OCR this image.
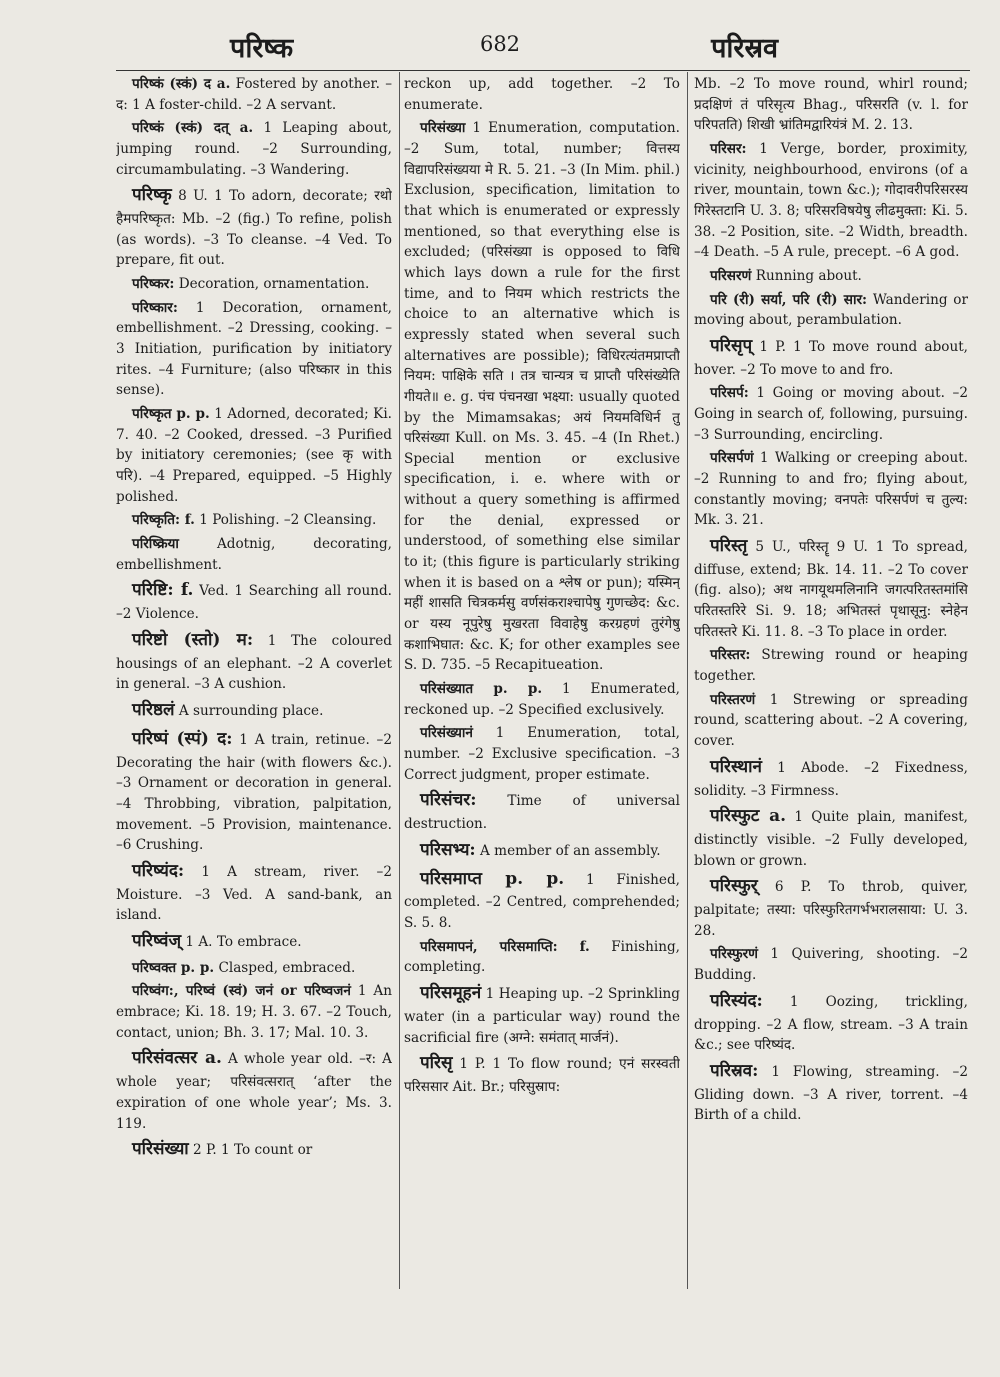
परिष्क	682	परिस्रव

परिष्कं (स्कं) द a. Fostered by another. –द: 1 A foster-child. –2 A servant.

परिष्कं (स्कं) दत् a. 1 Leaping about, jumping round. –2 Surrounding, circumambulating. –3 Wandering.

परिष्कृ 8 U. 1 To adorn, decorate; रथो हैमपरिष्कृत: Mb. –2 (fig.) To refine, polish (as words). –3 To cleanse. –4 Ved. To prepare, fit out.

परिष्कर: Decoration, ornamentation.

परिष्कार: 1 Decoration, ornament, embellishment. –2 Dressing, cooking. –3 Initiation, purification by initiatory rites. –4 Furniture; (also परिष्कार in this sense).

परिष्कृत p. p. 1 Adorned, decorated; Ki. 7. 40. –2 Cooked, dressed. –3 Purified by initiatory ceremonies; (see कृ with परि). –4 Prepared, equipped. –5 Highly polished.

परिष्कृति: f. 1 Polishing. –2 Cleansing.

परिष्क्रिया	Adotnig, decorating, embellishment.

परिष्टि: f. Ved. 1 Searching all round. –2 Violence.

परिष्टो (स्तो) म: 1 The coloured housings of an elephant. –2 A coverlet in general. –3 A cushion.

परिष्ठलं A surrounding place.

परिष्पं (स्पं) द: 1 A train, retinue. –2 Decorating the hair (with flowers &c.). –3 Ornament or decoration in general. –4 Throbbing, vibration, palpitation, movement. –5 Provision, maintenance. –6 Crushing.

परिष्यंद: 1 A stream, river. –2 Moisture. –3 Ved. A sand-bank, an island.

परिष्वंज् 1 A. To embrace.

परिष्वक्त p. p. Clasped, embraced.

परिष्वंग:, परिष्वं (स्वं) जनं or परिष्वजनं 1 An embrace; Ki. 18. 19; H. 3. 67. –2 Touch, contact, union; Bh. 3. 17; Mal. 10. 3.

परिसंवत्सर a. A whole year old. –र: A whole year; परिसंवत्सरात् ‘after the expiration of one whole year’; Ms. 3. 119.

परिसंख्या 2 P. 1 To count or

reckon up, add together. –2 To enumerate.

परिसंख्या 1 Enumeration, computation. –2 Sum, total, number; वित्तस्य विद्यापरिसंख्यया मे R. 5. 21. –3 (In Mim. phil.) Exclusion, specification, limitation to that which is enumerated or expressly mentioned, so that everything else is excluded; (परिसंख्या is opposed to विधि which lays down a rule for the first time, and to नियम which restricts the choice to an alternative which is expressly stated when several such alternatives are possible); विधिरत्यंतमप्राप्तौ नियम: पाक्षिके सति । तत्र चान्यत्र च प्राप्तौ परिसंख्येति गीयते॥ e. g. पंच पंचनखा भक्ष्या: usually quoted by the Mimamsakas; अयं नियमविधिर्न तु परिसंख्या Kull. on Ms. 3. 45. –4 (In Rhet.) Special mention or exclusive specification, i. e. where with or without a query something is affirmed for the denial, expressed or understood, of something else similar to it; (this figure is particularly striking when it is based on a श्लेष or pun); यस्मिन् महीं शासति चित्रकर्मसु वर्णसंकराश्चापेषु गुणच्छेद: &c. or यस्य नूपुरेषु मुखरता विवाहेषु करग्रहणं तुरंगेषु कशाभिघात: &c. K; for other examples see S. D. 735. –5 Recapitueation.

परिसंख्यात p. p. 1 Enumerated, reckoned up. –2 Specified exclusively.

परिसंख्यानं 1 Enumeration, total, number. –2 Exclusive specification. –3 Correct judgment, proper estimate.

परिसंचर: Time of universal destruction.

परिसभ्य: A member of an assembly.

परिसमाप्त p. p. 1 Finished, completed. –2 Centred, comprehended; S. 5. 8.

परिसमापनं, परिसमाप्ति: f. Finishing, completing.

परिसमूहनं 1 Heaping up. –2 Sprinkling water (in a particular way) round the sacrificial fire (अग्ने: समंतात् मार्जनं).

परिसृ 1 P. 1 To flow round; एनं सरस्वती परिससार Ait. Br.; परिसुस्राप:

Mb. –2 To move round, whirl round; प्रदक्षिणं तं परिसृत्य Bhag., परिसरति (v. l. for परिपतति) शिखी भ्रांतिमद्वारियंत्रं M. 2. 13.

परिसर: 1 Verge, border, proximity, vicinity, neighbourhood, environs (of a river, mountain, town &c.); गोदावरीपरिसरस्य गिरेस्तटानि U. 3. 8; परिसरविषयेषु लीढमुक्ता: Ki. 5. 38. –2 Position, site. –2 Width, breadth. –4 Death. –5 A rule, precept. –6 A god.

परिसरणं Running about.

परि (री) सर्या, परि (री) सार: Wandering or moving about, perambulation.

परिसृप् 1 P. 1 To move round about, hover. –2 To move to and fro.

परिसर्प: 1 Going or moving about. –2 Going in search of, following, pursuing. –3 Surrounding, encircling.

परिसर्पणं 1 Walking or creeping about. –2 Running to and fro; flying about, constantly moving; वनपतेः परिसर्पणं च तुल्य: Mk. 3. 21.

परिस्तृ 5 U., परिस्तॄ 9 U. 1 To spread, diffuse, extend; Bk. 14. 11. –2 To cover (fig. also); अथ नागयूथमलिनानि जगत्परितस्तमांसि परितस्तरिरे Si. 9. 18; अभितस्तं पृथासूनु: स्नेहेन परितस्तरे Ki. 11. 8. –3 To place in order.

परिस्तर: Strewing round or heaping together.

परिस्तरणं 1 Strewing or spreading round, scattering about. –2 A covering, cover.

परिस्थानं 1 Abode. –2 Fixedness, solidity. –3 Firmness.

परिस्फुट a. 1 Quite plain, manifest, distinctly visible. –2 Fully developed, blown or grown.

परिस्फुर् 6 P. To throb, quiver, palpitate; तस्या: परिस्फुरितगर्भभरालसाया: U. 3. 28.

परिस्फुरणं 1 Quivering, shooting. –2 Budding.

परिस्यंद: 1 Oozing, trickling, dropping. –2 A flow, stream. –3 A train &c.; see परिष्यंद.

परिस्रव: 1 Flowing, streaming. –2 Gliding down. –3 A river, torrent. –4 Birth of a child.
